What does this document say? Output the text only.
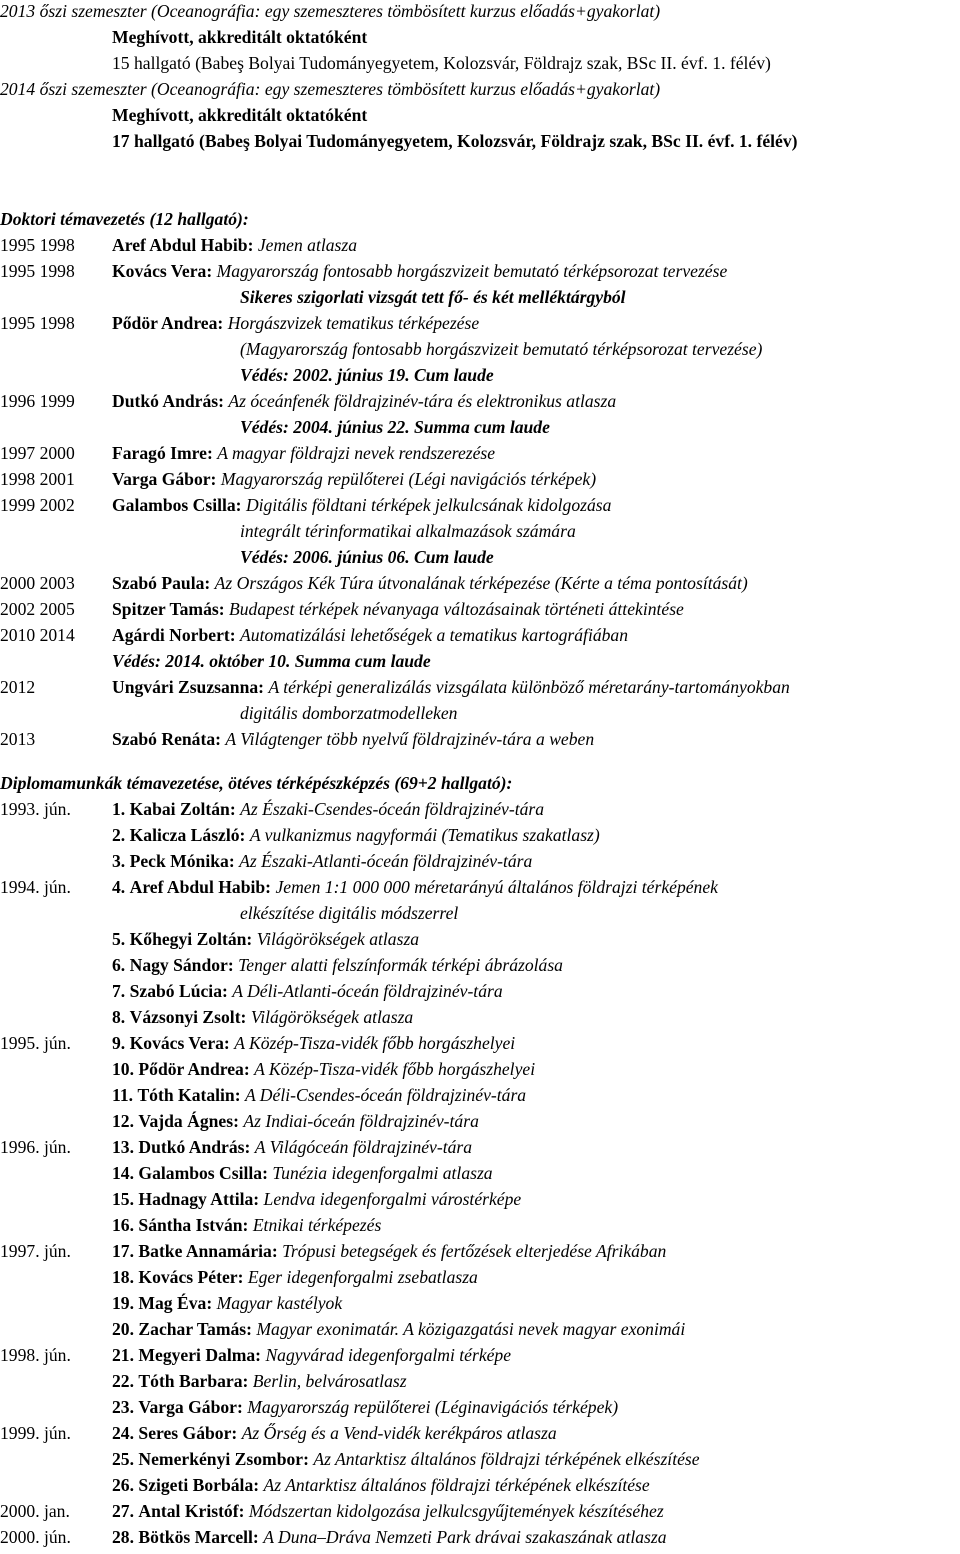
2013 őszi szemeszter (Oceanográfia: egy szemeszteres tömbösített kurzus előadás+gyakorlat)
Meghívott, akkreditált oktatóként
15 hallgató (Babeş Bolyai Tudományegyetem, Kolozsvár, Földrajz szak, BSc II. évf. 1. félév)
2014 őszi szemeszter (Oceanográfia: egy szemeszteres tömbösített kurzus előadás+gyakorlat)
Meghívott, akkreditált oktatóként
17 hallgató (Babeş Bolyai Tudományegyetem, Kolozsvár, Földrajz szak, BSc II. évf. 1. félév)
Doktori témavezetés (12 hallgató):
1995 1998 Aref Abdul Habib: Jemen atlasza
1995 1998 Kovács Vera: Magyarország fontosabb horgászvizeit bemutató térképsorozat tervezése
Sikeres szigorlati vizsgát tett fő- és két melléktárgyból
1995 1998 Pődör Andrea: Horgászvizek tematikus térképezése
(Magyarország fontosabb horgászvizeit bemutató térképsorozat tervezése)
Védés: 2002. június 19. Cum laude
1996 1999 Dutkó András: Az óceánfenék földrajzinév-tára és elektronikus atlasza
Védés: 2004. június 22. Summa cum laude
1997 2000 Faragó Imre: A magyar földrajzi nevek rendszerezése
1998 2001 Varga Gábor: Magyarország repülőterei (Légi navigációs térképek)
1999 2002 Galambos Csilla: Digitális földtani térképek jelkulcsának kidolgozása
integrált térinformatikai alkalmazások számára
Védés: 2006. június 06. Cum laude
2000 2003 Szabó Paula: Az Országos Kék Túra útvonalának térképezése (Kérte a téma pontosítását)
2002 2005 Spitzer Tamás: Budapest térképek névanyaga változásainak történeti áttekintése
2010 2014 Agárdi Norbert: Automatizálási lehetőségek a tematikus kartográfiában
Védés: 2014. október 10. Summa cum laude
2012	Ungvári Zsuzsanna: A térképi generalizálás vizsgálata különböző méretarány-tartományokban
digitális domborzatmodelleken
2013	Szabó Renáta: A Világtenger több nyelvű földrajzinév-tára a weben
Diplomamunkák témavezetése, ötéves térképészképzés (69+2 hallgató):
1993. jún. 1. Kabai Zoltán: Az Északi-Csendes-óceán földrajzinév-tára
2. Kalicza László: A vulkanizmus nagyformái (Tematikus szakatlasz)
3. Peck Mónika: Az Északi-Atlanti-óceán földrajzinév-tára
1994. jún. 4. Aref Abdul Habib: Jemen 1:1 000 000 méretarányú általános földrajzi térképének
elkészítése digitális módszerrel
5. Kőhegyi Zoltán: Világörökségek atlasza
6. Nagy Sándor: Tenger alatti felszínformák térképi ábrázolása
7. Szabó Lúcia: A Déli-Atlanti-óceán földrajzinév-tára
8. Vázsonyi Zsolt: Világörökségek atlasza
1995. jún. 9. Kovács Vera: A Közép-Tisza-vidék főbb horgászhelyei
10. Pődör Andrea: A Közép-Tisza-vidék főbb horgászhelyei
11. Tóth Katalin: A Déli-Csendes-óceán földrajzinév-tára
12. Vajda Ágnes: Az Indiai-óceán földrajzinév-tára
1996. jún. 13. Dutkó András: A Világóceán földrajzinév-tára
14. Galambos Csilla: Tunézia idegenforgalmi atlasza
15. Hadnagy Attila: Lendva idegenforgalmi várostérképe
16. Sántha István: Etnikai térképezés
1997. jún. 17. Batke Annamária: Trópusi betegségek és fertőzések elterjedése Afrikában
18. Kovács Péter: Eger idegenforgalmi zsebatlasza
19. Mag Éva: Magyar kastélyok
20. Zachar Tamás: Magyar exonimatár. A közigazgatási nevek magyar exonimái
1998. jún. 21. Megyeri Dalma: Nagyvárad idegenforgalmi térképe
22. Tóth Barbara: Berlin, belvárosatlasz
23. Varga Gábor: Magyarország repülőterei (Léginavigációs térképek)
1999. jún. 24. Seres Gábor: Az Őrség és a Vend-vidék kerékpáros atlasza
25. Nemerkényi Zsombor: Az Antarktisz általános földrajzi térképének elkészítése
26. Szigeti Borbála: Az Antarktisz általános földrajzi térképének elkészítése
2000. jan. 27. Antal Kristóf: Módszertan kidolgozása jelkulcsgyűjtemények készítéséhez
2000. jún. 28. Bötkös Marcell: A Duna–Dráva Nemzeti Park drávai szakaszának atlasza
